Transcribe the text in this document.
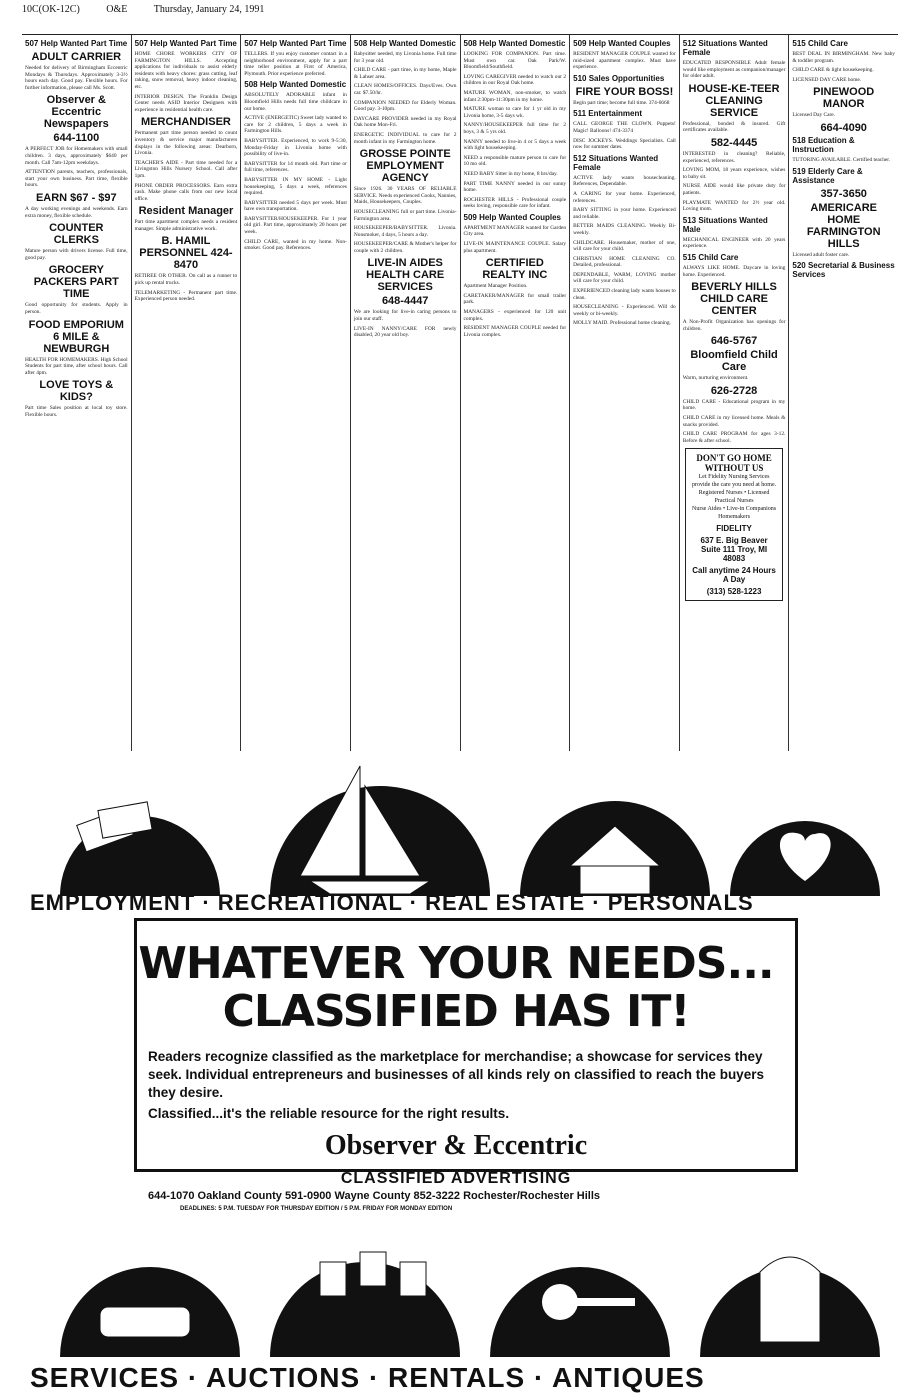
10C(OK-12C)	O&E	Thursday, January 24, 1991
507 Help Wanted Part Time
ADULT CARRIER
Needed for delivery of Birmingham Eccentric Mondays & Thursdays. Approximately 3-3½ hours each day. Good pay. Flexible hours. For further information, please call Ms. Scott.
Observer & Eccentric Newspapers
644-1100
A PERFECT JOB for Homemakers with small children. 3 days, approximately $640 per month. Call 7am-12pm weekdays.
ATTENTION parents, teachers, professionals, start your own business. Part time, flexible hours.
EARN $67 - $97
A day working evenings and weekends. Earn extra money, flexible schedule.
COUNTER CLERKS
Mature person with drivers license. Full time, good pay.
GROCERY PACKERS PART TIME
Good opportunity for students. Apply in person.
FOOD EMPORIUM 6 MILE & NEWBURGH
HEALTH FOR HOMEMAKERS. High School Students for part time, after school hours. Call after 4pm.
LOVE TOYS & KIDS?
Part time Sales position at local toy store. Flexible hours.
507 Help Wanted Part Time
HOME CHORE WORKERS CITY OF FARMINGTON HILLS. Accepting applications for individuals to assist elderly residents with heavy chores: grass cutting, leaf raking, snow removal, heavy indoor cleaning, etc.
INTERIOR DESIGN. The Franklin Design Center needs ASID Interior Designers with experience in residential health care.
MERCHANDISER
Permanent part time person needed to count inventory & service major manufacturers displays in the following areas: Dearborn, Livonia.
TEACHER'S AIDE - Part time needed for a Livingston Hills Nursery School. Call after 1pm.
PHONE ORDER PROCESSORS. Earn extra cash. Make phone calls from our new local office.
Resident Manager
Part time apartment complex needs a resident manager. Simple administrative work.
B. HAMIL PERSONNEL 424-8470
RETIREE OR OTHER. On call as a runner to pick up rental trucks.
TELEMARKETING - Permanent part time. Experienced person needed.
507 Help Wanted Part Time
TELLERS. If you enjoy customer contact in a neighborhood environment, apply for a part time teller position at First of America, Plymouth. Prior experience preferred.
508 Help Wanted Domestic
ABSOLUTELY ADORABLE infant in Bloomfield Hills needs full time childcare in our home.
ACTIVE (ENERGETIC) Sweet lady wanted to care for 2 children, 5 days a week in Farmington Hills.
BABYSITTER. Experienced, to work 9-5:30, Monday-Friday in Livonia home with possibility of live-in.
BABYSITTER for 14 month old. Part time or full time, references.
BABYSITTER IN MY HOME - Light housekeeping, 5 days a week, references required.
BABYSITTER needed 5 days per week. Must have own transportation.
BABYSITTER/HOUSEKEEPER. For 1 year old girl. Part time, approximately 20 hours per week.
CHILD CARE, wanted in my home. Non-smoker. Good pay. References.
508 Help Wanted Domestic
Babysitter needed, my Livonia home. Full time for 3 year old.
CHILD CARE - part time, in my home, Maple & Lahser area.
CLEAN HOMES/OFFICES. Days/Eves. Own car. $7.50/hr.
COMPANION NEEDED for Elderly Woman. Good pay. 3-10pm.
DAYCARE PROVIDER needed in my Royal Oak home Mon-Fri.
ENERGETIC INDIVIDUAL to care for 2 month infant in my Farmington home.
GROSSE POINTE EMPLOYMENT AGENCY
Since 1926. 30 YEARS OF RELIABLE SERVICE. Needs experienced Cooks, Nannies, Maids, Housekeepers, Couples.
HOUSECLEANING full or part time. Livonia-Farmington area.
HOUSEKEEPER/BABYSITTER. Livonia. Nonsmoker, 4 days, 5 hours a day.
HOUSEKEEPER/CARE & Mother's helper for couple with 2 children.
LIVE-IN AIDES HEALTH CARE SERVICES
648-4447
We are looking for live-in caring persons to join our staff.
LIVE-IN NANNY/CARE FOR newly disabled, 20 year old boy.
508 Help Wanted Domestic
LOOKING FOR COMPANION. Part time. Must own car. Oak Park/W. Bloomfield/Southfield.
LOVING CAREGIVER needed to watch our 2 children in our Royal Oak home.
MATURE WOMAN, non-smoker, to watch infant 2:30pm-11:30pm in my home.
MATURE woman to care for 1 yr old in my Livonia home, 3-5 days wk.
NANNY/HOUSEKEEPER full time for 2 boys, 3 & 5 yrs old.
NANNY needed to live-in 4 or 5 days a week with light housekeeping.
NEED a responsible mature person to care for 10 mo old.
NEED BABY Sitter in my home, 8 hrs/day.
PART TIME NANNY needed in our sunny home.
ROCHESTER HILLS - Professional couple seeks loving, responsible care for infant.
509 Help Wanted Couples
APARTMENT MANAGER wanted for Garden City area.
LIVE-IN MAINTENANCE COUPLE. Salary plus apartment.
CERTIFIED REALTY INC
Apartment Manager Position.
CARETAKER/MANAGER for small trailer park.
MANAGERS - experienced for 120 unit complex.
RESIDENT MANAGER COUPLE needed for Livonia complex.
509 Help Wanted Couples
RESIDENT MANAGER COUPLE wanted for mid-sized apartment complex. Must have experience.
510 Sales Opportunities
FIRE YOUR BOSS!
Begin part time; become full time. 374-6668
511 Entertainment
CALL GEORGE THE CLOWN. Puppets! Magic! Balloons! 474-3374
DISC JOCKEYS. Weddings Specialists. Call now for summer dates.
512 Situations Wanted Female
ACTIVE lady wants housecleaning. References, Dependable.
A CARING for your home. Experienced, references.
BABY SITTING in your home. Experienced and reliable.
BETTER MAIDS CLEANING. Weekly Bi-weekly.
CHILDCARE. Housemaker, mother of one, will care for your child.
CHRISTIAN HOME CLEANING CO. Detailed, professional.
DEPENDABLE, WARM, LOVING mother will care for your child.
EXPERIENCED cleaning lady wants houses to clean.
HOUSECLEANING - Experienced. Will do weekly or bi-weekly.
MOLLY MAID. Professional home cleaning.
512 Situations Wanted Female
EDUCATED RESPONSIBLE Adult female would like employment as companion/manager for older adult.
HOUSE-KE-TEER CLEANING SERVICE
Professional, bonded & insured. Gift certificates available.
582-4445
INTERESTED in cleaning? Reliable, experienced, references.
LOVING MOM, 18 years experience, wishes to baby sit.
NURSE AIDE would like private duty for patients.
PLAYMATE WANTED for 2½ year old. Loving mom.
513 Situations Wanted Male
MECHANICAL ENGINEER with 20 years experience.
515 Child Care
ALWAYS LIKE HOME. Daycare in loving home. Experienced.
BEVERLY HILLS CHILD CARE CENTER
A Non-Profit Organization has openings for children.
646-5767
Bloomfield Child Care
Warm, nurturing environment.
626-2728
CHILD CARE - Educational program in my home.
CHILD CARE in my licensed home. Meals & snacks provided.
CHILD CARE PROGRAM for ages 3-12. Before & after school.
DON'T GO HOME WITHOUT US
Let Fidelity Nursing Services provide the care you need at home.
Registered Nurses • Licensed Practical Nurses
Nurse Aides • Live-in Companions
Homemakers
FIDELITY
637 E. Big Beaver Suite 111 Troy, MI 48083
Call anytime 24 Hours A Day
(313) 528-1223
515 Child Care
BEST DEAL IN BIRMINGHAM. New baby & toddler program.
CHILD CARE & light housekeeping.
LICENSED DAY CARE home.
PINEWOOD MANOR
Licensed Day Care.
664-4090
518 Education & Instruction
TUTORING AVAILABLE. Certified teacher.
519 Elderly Care & Assistance
357-3650
AMERICARE HOME FARMINGTON HILLS
Licensed adult foster care.
520 Secretarial & Business Services
EMPLOYMENT · RECREATIONAL · REAL ESTATE · PERSONALS
WHATEVER YOUR NEEDS...
CLASSIFIED HAS IT!
Readers recognize classified as the marketplace for merchandise; a showcase for services they seek. Individual entrepreneurs and businesses of all kinds rely on classified to reach the buyers they desire.
Classified...it's the reliable resource for the right results.
Observer & Eccentric
CLASSIFIED ADVERTISING
644-1070 Oakland County 591-0900 Wayne County 852-3222 Rochester/Rochester Hills
DEADLINES: 5 P.M. TUESDAY FOR THURSDAY EDITION / 5 P.M. FRIDAY FOR MONDAY EDITION
SERVICES · AUCTIONS · RENTALS · ANTIQUES
